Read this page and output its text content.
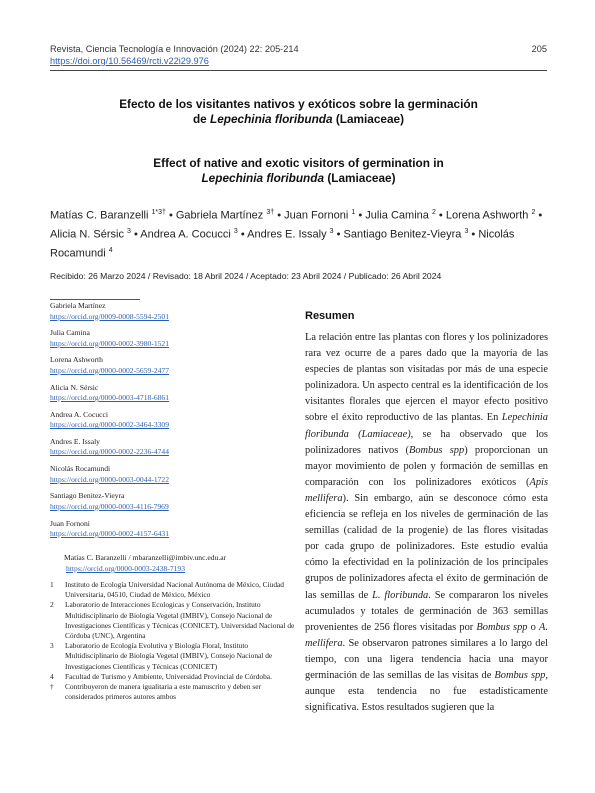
Revista, Ciencia Tecnología e Innovación (2024) 22: 205-214	205
https://doi.org/10.56469/rcti.v22i29.976
Efecto de los visitantes nativos y exóticos sobre la germinación
de Lepechinia floribunda (Lamiaceae)
Effect of native and exotic visitors of germination in
Lepechinia floribunda (Lamiaceae)
Matías C. Baranzelli $^{1*3\dagger}$ • Gabriela Martínez $^{3\dagger}$ • Juan Fornoni $^1$ • Julia Camina $^2$ • Lorena Ashworth $^2$ • Alicia N. Sérsic $^3$ • Andrea A. Cocucci $^3$ • Andres E. Issaly $^3$ • Santiago Benitez-Vieyra $^3$ • Nicolás Rocamundi $^4$
Recibido: 26 Marzo 2024 / Revisado: 18 Abril 2024 / Aceptado: 23 Abril 2024 / Publicado: 26 Abril 2024
Gabriela Martínez
https://orcid.org/0009-0008-5594-2501
Julia Camina
https://orcid.org/0000-0002-3980-1521
Lorena Ashworth
https://orcid.org/0000-0002-5659-2477
Alicia N. Sérsic
https://orcid.org/0000-0003-4718-6861
Andrea A. Cocucci
https://orcid.org/0000-0002-3464-3309
Andres E. Issaly
https://orcid.org/0000-0002-2236-4744
Nicolás Rocamundi
https://orcid.org/0000-0003-0044-1722
Santiago Benitez-Vieyra
https://orcid.org/0000-0003-4116-7969
Juan Fornoni
https://orcid.org/0000-0002-4157-6431
Matías C. Baranzelli / mbaranzelli@imbiv.unc.edu.ar
https://orcid.org/0000-0003-2438-7193
1	Instituto de Ecología Universidad Nacional Autónoma de México, Ciudad Universitaria, 04510, Ciudad de México, México
2	Laboratorio de Interacciones Ecologicas y Conservación, Instituto Multidisciplinario de Biología Vegetal (IMBIV), Consejo Nacional de Investigaciones Científicas y Técnicas (CONICET), Universidad Nacional de Córdoba (UNC), Argentina
3	Laboratorio de Ecología Evolutiva y Biología Floral, Instituto Multidisciplinario de Biología Vegetal (IMBIV), Consejo Nacional de Investigaciones Científicas y Técnicas (CONICET)
4	Facultad de Turismo y Ambiente, Universidad Provincial de Córdoba.
†	Contribuyeron de manera igualitaria a este manuscrito y deben ser considerados primeros autores ambos
Resumen
La relación entre las plantas con flores y los polinizadores rara vez ocurre de a pares dado que la mayoría de las especies de plantas son visitadas por más de una especie polinizadora. Un aspecto central es la identificación de los visitantes florales que ejercen el mayor efecto positivo sobre el éxito reproductivo de las plantas. En Lepechinia floribunda (Lamiaceae), se ha observado que los polinizadores nativos (Bombus spp) proporcionan un mayor movimiento de polen y formación de semillas en comparación con los polinizadores exóticos (Apis mellifera). Sin embargo, aún se desconoce cómo esta eficiencia se refleja en los niveles de germinación de las semillas (calidad de la progenie) de las flores visitadas por cada grupo de polinizadores. Este estudio evalúa cómo la efectividad en la polinización de los principales grupos de polinizadores afecta el éxito de germinación de las semillas de L. floribunda. Se compararon los niveles acumulados y totales de germinación de 363 semillas provenientes de 256 flores visitadas por Bombus spp o A. mellifera. Se observaron patrones similares a lo largo del tiempo, con una ligera tendencia hacia una mayor germinación de las semillas de las visitas de Bombus spp, aunque esta tendencia no fue estadísticamente significativa. Estos resultados sugieren que la
